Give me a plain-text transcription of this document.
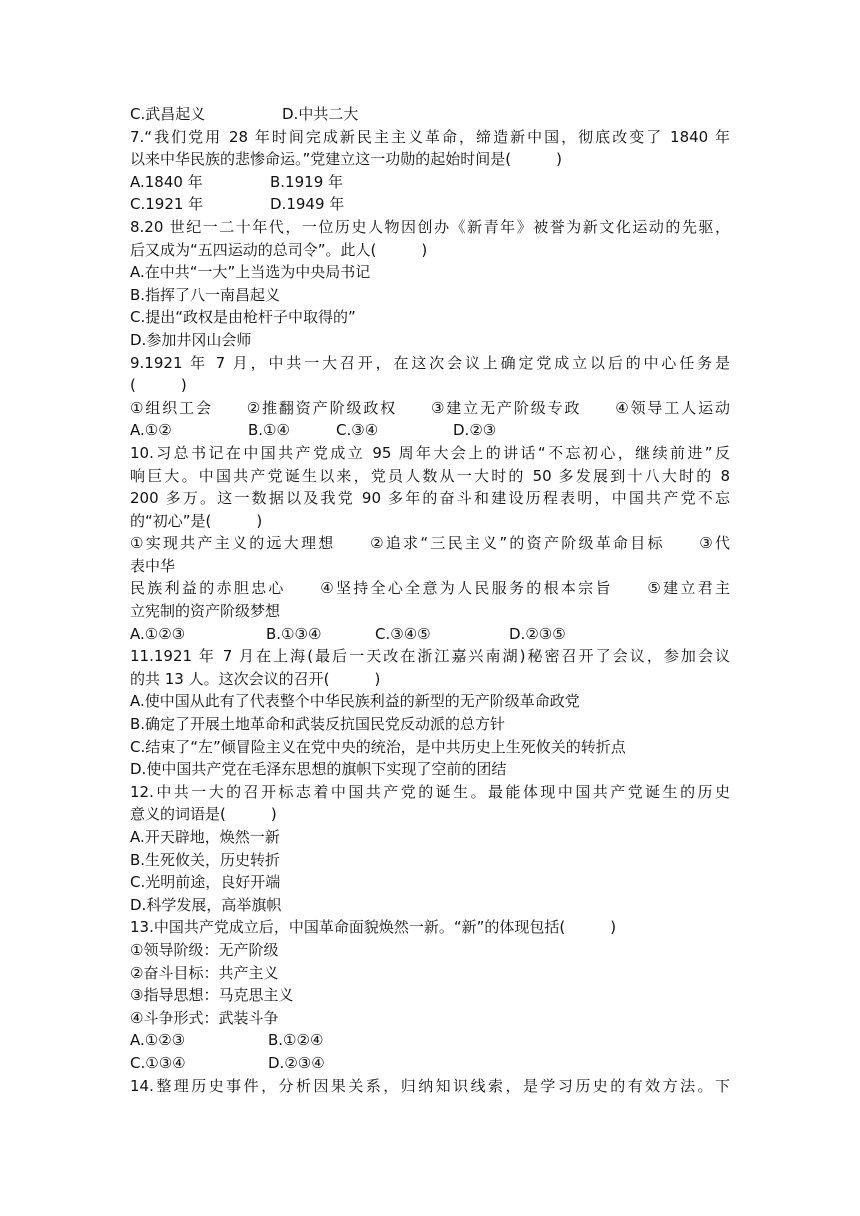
C.武昌起义	D.中共二大
7.“我们党用 28 年时间完成新民主主义革命，缔造新中国，彻底改变了 1840 年
以来中华民族的悲惨命运。”党建立这一功勋的起始时间是(　　　)
A.1840 年	B.1919 年
C.1921 年	D.1949 年
8.20 世纪一二十年代，一位历史人物因创办《新青年》被誉为新文化运动的先驱，
后又成为“五四运动的总司令”。此人(　　　)
A.在中共“一大”上当选为中央局书记
B.指挥了八一南昌起义
C.提出“政权是由枪杆子中取得的”
D.参加井冈山会师
9.1921 年 7 月，中共一大召开，在这次会议上确定党成立以后的中心任务是
(　　　)
①组织工会　　②推翻资产阶级政权　　③建立无产阶级专政　　④领导工人运动
A.①②	B.①④	C.③④	D.②③
10.习总书记在中国共产党成立 95 周年大会上的讲话“不忘初心，继续前进”反
响巨大。中国共产党诞生以来，党员人数从一大时的 50 多发展到十八大时的 8
200 多万。这一数据以及我党 90 多年的奋斗和建设历程表明，中国共产党不忘
的“初心”是(　　　)
①实现共产主义的远大理想　　②追求“三民主义”的资产阶级革命目标　　③代
表中华
民族利益的赤胆忠心　　④坚持全心全意为人民服务的根本宗旨　　⑤建立君主
立宪制的资产阶级梦想
A.①②③	B.①③④	C.③④⑤	D.②③⑤
11.1921 年 7 月在上海(最后一天改在浙江嘉兴南湖)秘密召开了会议，参加会议
的共 13 人。这次会议的召开(　　　)
A.使中国从此有了代表整个中华民族利益的新型的无产阶级革命政党
B.确定了开展土地革命和武装反抗国民党反动派的总方针
C.结束了“左”倾冒险主义在党中央的统治，是中共历史上生死攸关的转折点
D.使中国共产党在毛泽东思想的旗帜下实现了空前的团结
12.中共一大的召开标志着中国共产党的诞生。最能体现中国共产党诞生的历史
意义的词语是(　　　)
A.开天辟地，焕然一新
B.生死攸关，历史转折
C.光明前途，良好开端
D.科学发展，高举旗帜
13.中国共产党成立后，中国革命面貌焕然一新。“新”的体现包括(　　　)
①领导阶级：无产阶级
②奋斗目标：共产主义
③指导思想：马克思主义
④斗争形式：武装斗争
A.①②③	B.①②④
C.①③④	D.②③④
14.整理历史事件，分析因果关系，归纳知识线索，是学习历史的有效方法。下
